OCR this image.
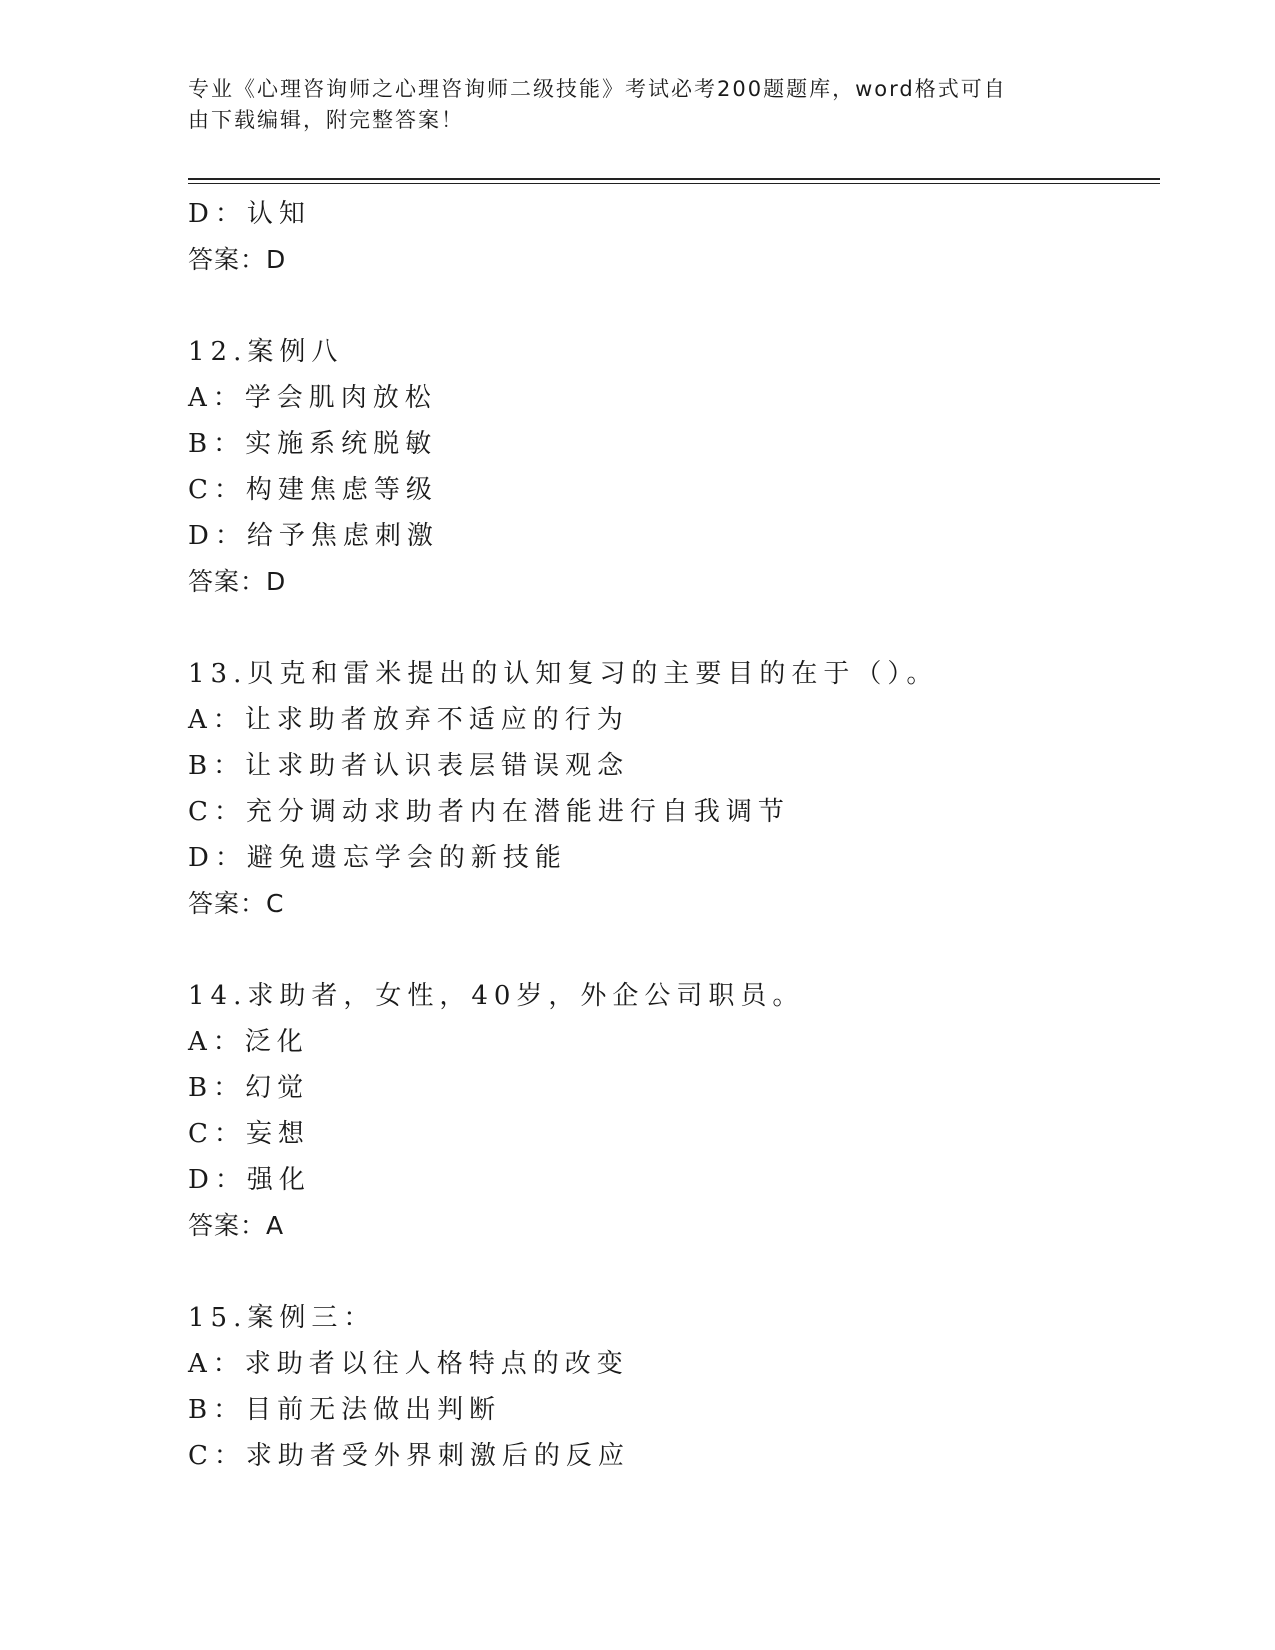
专业《心理咨询师之心理咨询师二级技能》考试必考200题题库，word格式可自

由下载编辑，附完整答案！

D：认知
答案：D
12.案例八
A：学会肌肉放松
B：实施系统脱敏
C：构建焦虑等级
D：给予焦虑刺激
答案：D
13.贝克和雷米提出的认知复习的主要目的在于（）。
A：让求助者放弃不适应的行为
B：让求助者认识表层错误观念
C：充分调动求助者内在潜能进行自我调节
D：避免遗忘学会的新技能
答案：C
14.求助者，女性，40岁，外企公司职员。
A：泛化
B：幻觉
C：妄想
D：强化
答案：A
15.案例三：
A：求助者以往人格特点的改变
B：目前无法做出判断
C：求助者受外界刺激后的反应
